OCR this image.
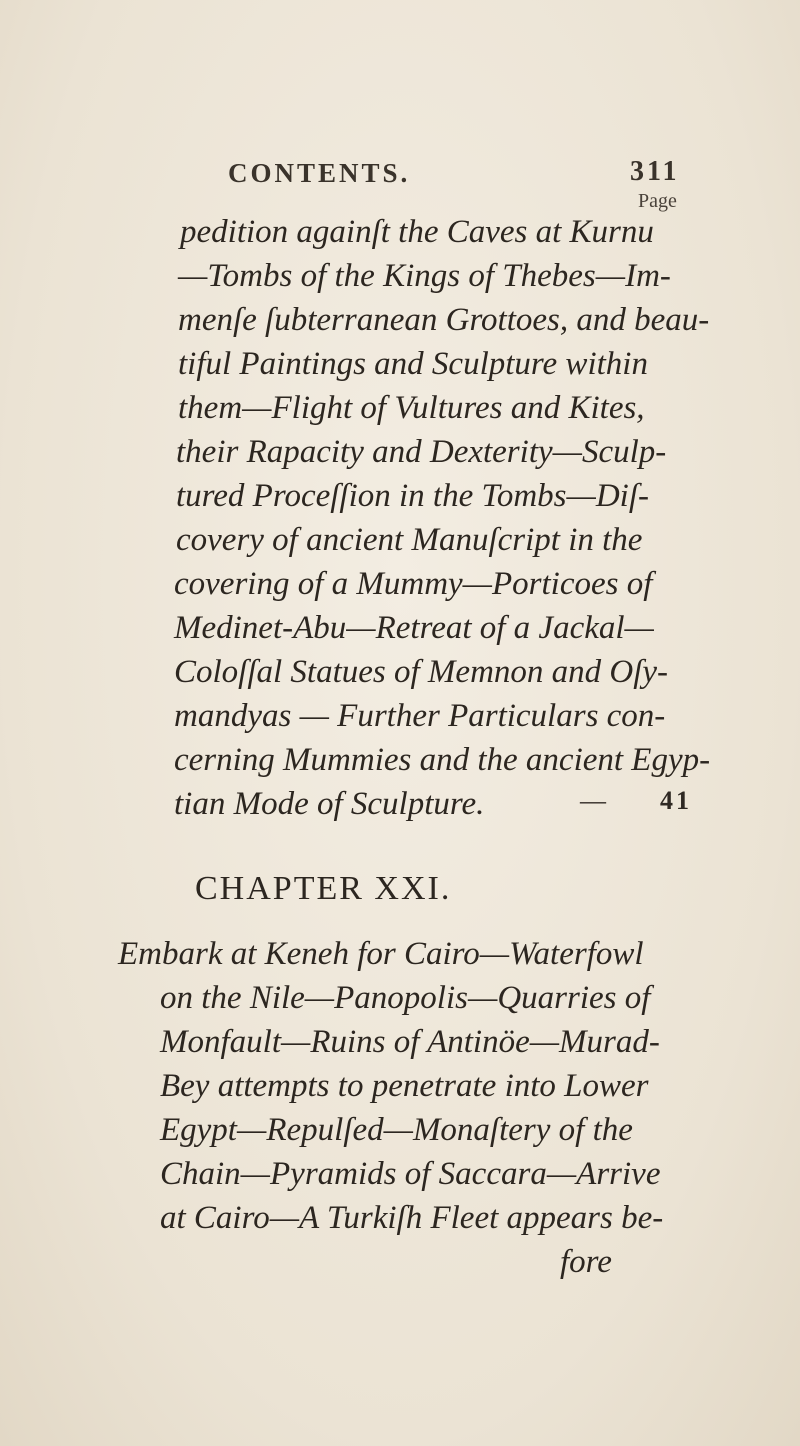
CONTENTS.	311
Page
pedition againſt the Caves at Kurnu
—Tombs of the Kings of Thebes—Im-
menſe ſubterranean Grottoes, and beau-
tiful Paintings and Sculpture within
them—Flight of Vultures and Kites,
their Rapacity and Dexterity—Sculp-
tured Proceſſion in the Tombs—Diſ-
covery of ancient Manuſcript in the
covering of a Mummy—Porticoes of
Medinet-Abu—Retreat of a Jackal—
Coloſſal Statues of Memnon and Oſy-
mandyas — Further Particulars con-
cerning Mummies and the ancient Egyp-
tian Mode of Sculpture.	— 41
CHAPTER XXI.
Embark at Keneh for Cairo—Waterfowl
on the Nile—Panopolis—Quarries of
Monfault—Ruins of Antinöe—Murad-
Bey attempts to penetrate into Lower
Egypt—Repulſed—Monaſtery of the
Chain—Pyramids of Saccara—Arrive
at Cairo—A Turkiſh Fleet appears be-
fore
